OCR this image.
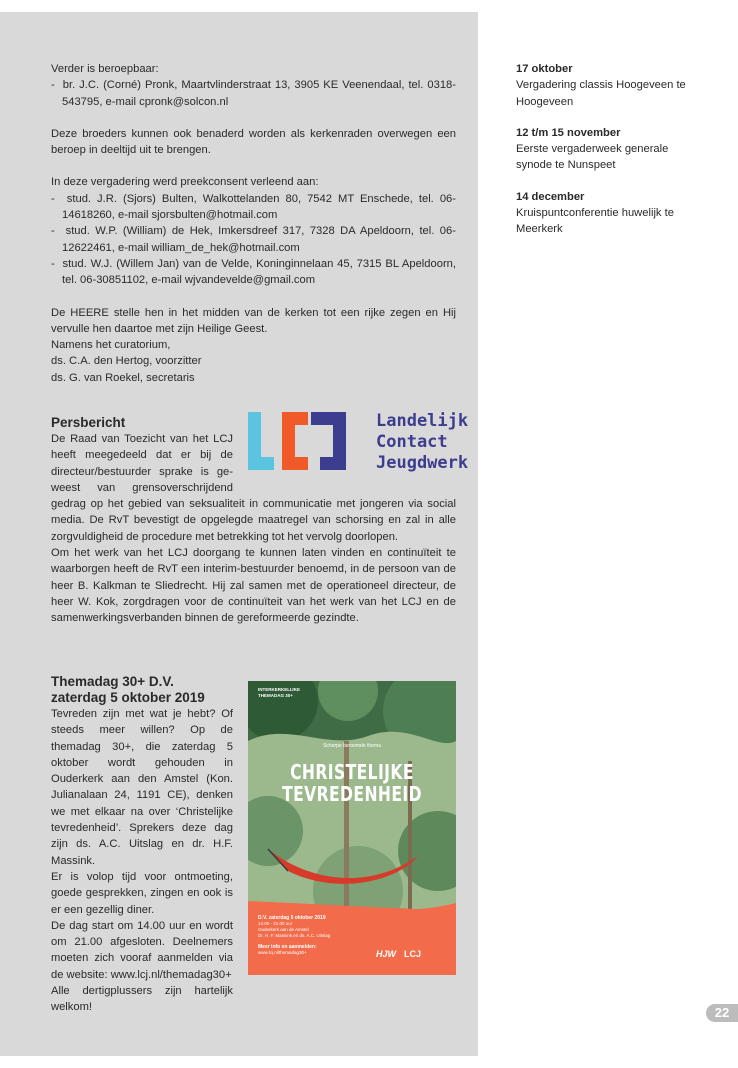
Verder is beroepbaar:

-  br. J.C. (Corné) Pronk, Maartvlinderstraat 13, 3905 KE Veenendaal, tel. 0318-543795, e-mail cpronk@solcon.nl

Deze broeders kunnen ook benaderd worden als kerkenraden overwegen een beroep in deeltijd uit te brengen.

In deze vergadering werd preekconsent verleend aan:

-  stud. J.R. (Sjors) Bulten, Walkottelanden 80, 7542 MT Enschede, tel. 06-14618260, e-mail sjorsbulten@hotmail.com

-  stud. W.P. (William) de Hek, Imkersdreef 317, 7328 DA Apeldoorn, tel. 06-12622461, e-mail william_de_hek@hotmail.com

-  stud. W.J. (Willem Jan) van de Velde, Koninginnelaan 45, 7315 BL Apeldoorn, tel. 06-30851102, e-mail wjvandevelde@gmail.com

De HEERE stelle hen in het midden van de kerken tot een rijke zegen en Hij vervulle hen daartoe met zijn Heilige Geest.

Namens het curatorium,

ds. C.A. den Hertog, voorzitter

ds. G. van Roekel, secretaris

Landelijk
Contact
Jeugdwerk
Persbericht

De Raad van Toezicht van het LCJ

heeft meegedeeld dat er bij de

directeur/bestuurder sprake is ge-

weest van grensoverschrijdend

gedrag op het gebied van seksualiteit in communicatie met jongeren via social media. De RvT bevestigt de opgelegde maatregel van schorsing en zal in alle zorgvuldigheid de procedure met betrekking tot het vervolg doorlopen.

Om het werk van het LCJ doorgang te kunnen laten vinden en continuïteit te waarborgen heeft de RvT een interim-bestuurder benoemd, in de persoon van de heer B. Kalkman te Sliedrecht. Hij zal samen met de operationeel directeur, de heer W. Kok, zorgdragen voor de continuïteit van het werk van het LCJ en de samenwerkingsverbanden binnen de gereformeerde gezindte.

Themadag 30+ D.V.
zaterdag 5 oktober 2019

Tevreden zijn met wat je hebt? Of steeds meer willen? Op de themadag 30+, die zaterdag 5 oktober wordt gehouden in Ouderkerk aan den Amstel (Kon. Julianalaan 24, 1191 CE), denken we met elkaar na over ‘Christelijke tevredenheid’. Sprekers deze dag zijn ds. A.C. Uitslag en dr. H.F. Massink.

Er is volop tijd voor ontmoeting, goede gesprekken, zingen en ook is er een gezellig diner.

De dag start om 14.00 uur en wordt om 21.00 afgesloten. Deelnemers moeten zich vooraf aanmelden via de website: www.lcj.nl/themadag30+

Alle dertigplussers zijn hartelijk welkom!

INTERKERKELIJKE
THEMADAG 30+
Scherpe beroemde thema
CHRISTELIJKE
TEVREDENHEID
D.V. zaterdag 5 oktober 2019
14.00 - 21.00 uur
Ouderkerk aan de Amstel
Dr. H. F. Massink en ds. A.C. Uitslag
Meer info en aanmelden:
www.lcj.nl/themadag30+	HJW LCJ
17 oktober
Vergadering classis Hoogeveen te Hoogeveen
12 t/m 15 november
Eerste vergaderweek generale synode te Nunspeet
14 december
Kruispuntconferentie huwelijk te Meerkerk
22
